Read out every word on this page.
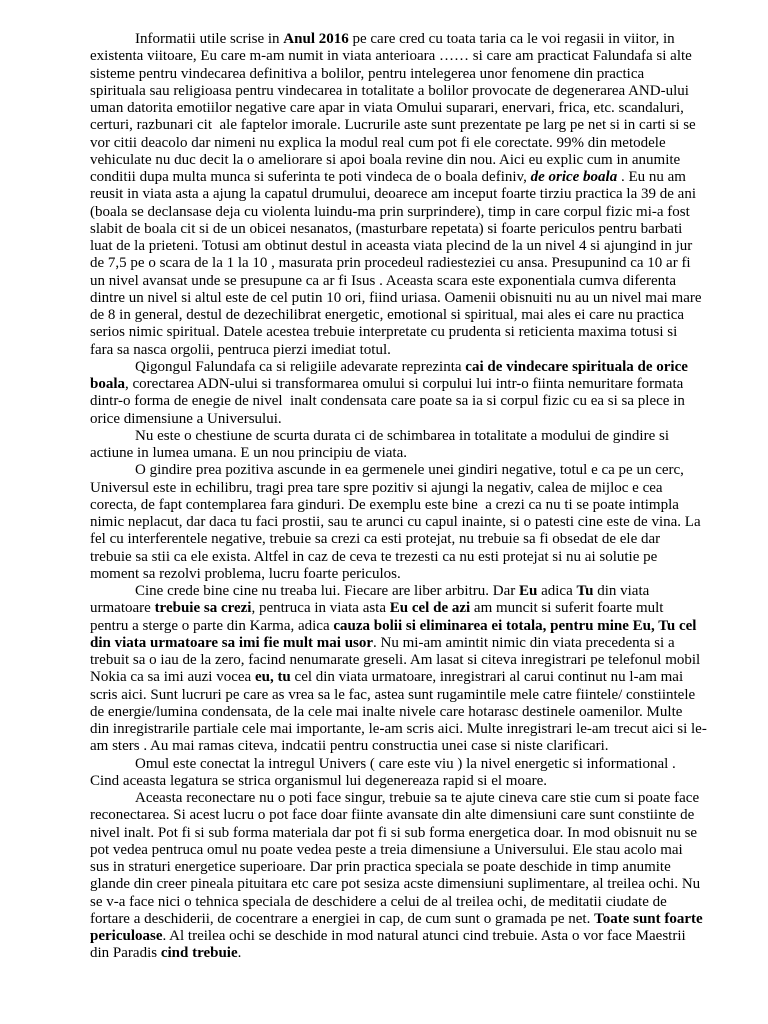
Informatii utile scrise in Anul 2016 pe care cred cu toata taria ca le voi regasii in viitor, in
existenta viitoare, Eu care m-am numit in viata anterioara …… si care am practicat Falundafa si alte
sisteme pentru vindecarea definitiva a bolilor, pentru intelegerea unor fenomene din practica
spirituala sau religioasa pentru vindecarea in totalitate a bolilor provocate de degenerarea AND-ului
uman datorita emotiilor negative care apar in viata Omului suparari, enervari, frica, etc. scandaluri,
certuri, razbunari cit  ale faptelor imorale. Lucrurile aste sunt prezentate pe larg pe net si in carti si se
vor citii deacolo dar nimeni nu explica la modul real cum pot fi ele corectate. 99% din metodele
vehiculate nu duc decit la o ameliorare si apoi boala revine din nou. Aici eu explic cum in anumite
conditii dupa multa munca si suferinta te poti vindeca de o boala definiv, de orice boala . Eu nu am
reusit in viata asta a ajung la capatul drumului, deoarece am inceput foarte tirziu practica la 39 de ani
(boala se declansase deja cu violenta luindu-ma prin surprindere), timp in care corpul fizic mi-a fost
slabit de boala cit si de un obicei nesanatos, (masturbare repetata) si foarte periculos pentru barbati
luat de la prieteni. Totusi am obtinut destul in aceasta viata plecind de la un nivel 4 si ajungind in jur
de 7,5 pe o scara de la 1 la 10 , masurata prin procedeul radiesteziei cu ansa. Presupunind ca 10 ar fi
un nivel avansat unde se presupune ca ar fi Isus . Aceasta scara este exponentiala cumva diferenta
dintre un nivel si altul este de cel putin 10 ori, fiind uriasa. Oamenii obisnuiti nu au un nivel mai mare
de 8 in general, destul de dezechilibrat energetic, emotional si spiritual, mai ales ei care nu practica
serios nimic spiritual. Datele acestea trebuie interpretate cu prudenta si reticienta maxima totusi si
fara sa nasca orgolii, pentruca pierzi imediat totul.
Qigongul Falundafa ca si religiile adevarate reprezinta cai de vindecare spirituala de orice
boala, corectarea ADN-ului si transformarea omului si corpului lui intr-o fiinta nemuritare formata
dintr-o forma de enegie de nivel  inalt condensata care poate sa ia si corpul fizic cu ea si sa plece in
orice dimensiune a Universului.
Nu este o chestiune de scurta durata ci de schimbarea in totalitate a modului de gindire si
actiune in lumea umana. E un nou principiu de viata.
O gindire prea pozitiva ascunde in ea germenele unei gindiri negative, totul e ca pe un cerc,
Universul este in echilibru, tragi prea tare spre pozitiv si ajungi la negativ, calea de mijloc e cea
corecta, de fapt contemplarea fara ginduri. De exemplu este bine  a crezi ca nu ti se poate intimpla
nimic neplacut, dar daca tu faci prostii, sau te arunci cu capul inainte, si o patesti cine este de vina. La
fel cu interferentele negative, trebuie sa crezi ca esti protejat, nu trebuie sa fi obsedat de ele dar
trebuie sa stii ca ele exista. Altfel in caz de ceva te trezesti ca nu esti protejat si nu ai solutie pe
moment sa rezolvi problema, lucru foarte periculos.
Cine crede bine cine nu treaba lui. Fiecare are liber arbitru. Dar Eu adica Tu din viata
urmatoare trebuie sa crezi, pentruca in viata asta Eu cel de azi am muncit si suferit foarte mult
pentru a sterge o parte din Karma, adica cauza bolii si eliminarea ei totala, pentru mine Eu, Tu cel
din viata urmatoare sa imi fie mult mai usor. Nu mi-am amintit nimic din viata precedenta si a
trebuit sa o iau de la zero, facind nenumarate greseli. Am lasat si citeva inregistrari pe telefonul mobil
Nokia ca sa imi auzi vocea eu, tu cel din viata urmatoare, inregistrari al carui continut nu l-am mai
scris aici. Sunt lucruri pe care as vrea sa le fac, astea sunt rugamintile mele catre fiintele/ constiintele
de energie/lumina condensata, de la cele mai inalte nivele care hotarasc destinele oamenilor. Multe
din inregistrarile partiale cele mai importante, le-am scris aici. Multe inregistrari le-am trecut aici si le-
am sters . Au mai ramas citeva, indcatii pentru constructia unei case si niste clarificari.
Omul este conectat la intregul Univers ( care este viu ) la nivel energetic si informational .
Cind aceasta legatura se strica organismul lui degenereaza rapid si el moare.
Aceasta reconectare nu o poti face singur, trebuie sa te ajute cineva care stie cum si poate face
reconectarea. Si acest lucru o pot face doar fiinte avansate din alte dimensiuni care sunt constiinte de
nivel inalt. Pot fi si sub forma materiala dar pot fi si sub forma energetica doar. In mod obisnuit nu se
pot vedea pentruca omul nu poate vedea peste a treia dimensiune a Universului. Ele stau acolo mai
sus in straturi energetice superioare. Dar prin practica speciala se poate deschide in timp anumite
glande din creer pineala pituitara etc care pot sesiza acste dimensiuni suplimentare, al treilea ochi. Nu
se v-a face nici o tehnica speciala de deschidere a celui de al treilea ochi, de meditatii ciudate de
fortare a deschiderii, de cocentrare a energiei in cap, de cum sunt o gramada pe net. Toate sunt foarte
periculoase. Al treilea ochi se deschide in mod natural atunci cind trebuie. Asta o vor face Maestrii
din Paradis cind trebuie.
